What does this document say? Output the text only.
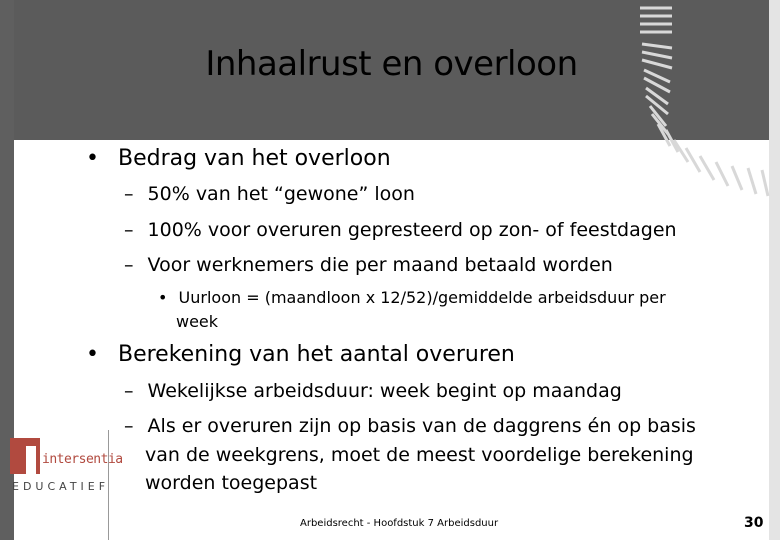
Inhaalrust en overloon
• Bedrag van het overloon
– 50% van het “gewone” loon
– 100% voor overuren gepresteerd op zon- of feestdagen
– Voor werknemers die per maand betaald worden
• Uurloon = (maandloon x 12/52)/gemiddelde arbeidsduur per
week
• Berekening van het aantal overuren
– Wekelijkse arbeidsduur: week begint op maandag
– Als er overuren zijn op basis van de daggrens én op basis
van de weekgrens, moet de meest voordelige berekening
worden toegepast
intersentia
EDUCATIEF
Arbeidsrecht - Hoofdstuk 7 Arbeidsduur	30
